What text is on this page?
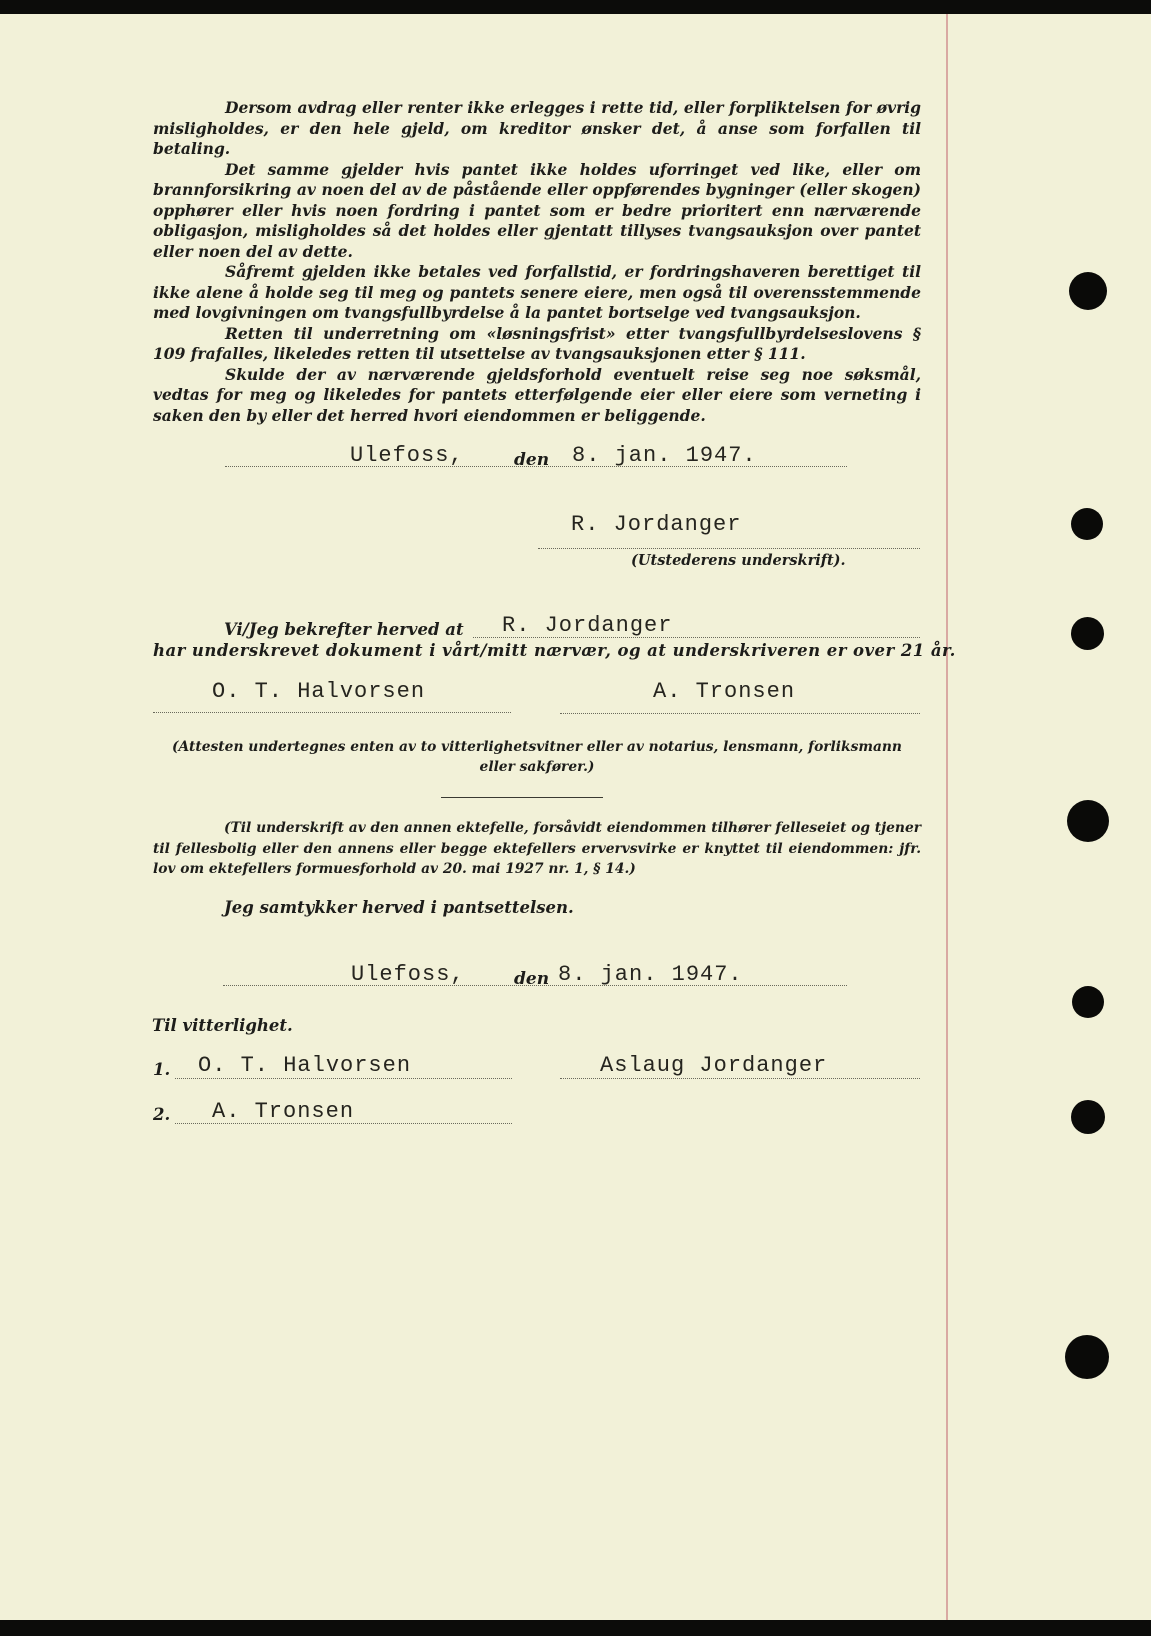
Dersom avdrag eller renter ikke erlegges i rette tid, eller forpliktelsen for øvrig misligholdes, er den hele gjeld, om kreditor ønsker det, å anse som forfallen til betaling.
Det samme gjelder hvis pantet ikke holdes uforringet ved like, eller om brannforsikring av noen del av de påstående eller oppførendes bygninger (eller skogen) opphører eller hvis noen fordring i pantet som er bedre prioritert enn nærværende obligasjon, misligholdes så det holdes eller gjentatt tillyses tvangsauksjon over pantet eller noen del av dette.
Såfremt gjelden ikke betales ved forfallstid, er fordringshaveren berettiget til ikke alene å holde seg til meg og pantets senere eiere, men også til overensstemmende med lovgivningen om tvangsfullbyrdelse å la pantet bortselge ved tvangsauksjon.
Retten til underretning om «løsningsfrist» etter tvangsfullbyrdelseslovens § 109 frafalles, likeledes retten til utsettelse av tvangsauksjonen etter § 111.
Skulde der av nærværende gjeldsforhold eventuelt reise seg noe søksmål, vedtas for meg og likeledes for pantets etterfølgende eier eller eiere som verneting i saken den by eller det herred hvori eiendommen er beliggende.
Ulefoss,	den 8. jan. 1947.
R. Jordanger
(Utstederens underskrift).
Vi/Jeg bekrefter herved at R. Jordanger
har underskrevet dokument i vårt/mitt nærvær, og at underskriveren er over 21 år.
O. T. Halvorsen	A. Tronsen
(Attesten undertegnes enten av to vitterlighetsvitner eller av notarius, lensmann, forliksmann eller sakfører.)
(Til underskrift av den annen ektefelle, forsåvidt eiendommen tilhører felleseiet og tjener til fellesbolig eller den annens eller begge ektefellers ervervsvirke er knyttet til eiendommen: jfr. lov om ektefellers formuesforhold av 20. mai 1927 nr. 1, § 14.)
Jeg samtykker herved i pantsettelsen.
Ulefoss,	den 8. jan. 1947.
Til vitterlighet.
1. O. T. Halvorsen	Aslaug Jordanger
2. A. Tronsen
